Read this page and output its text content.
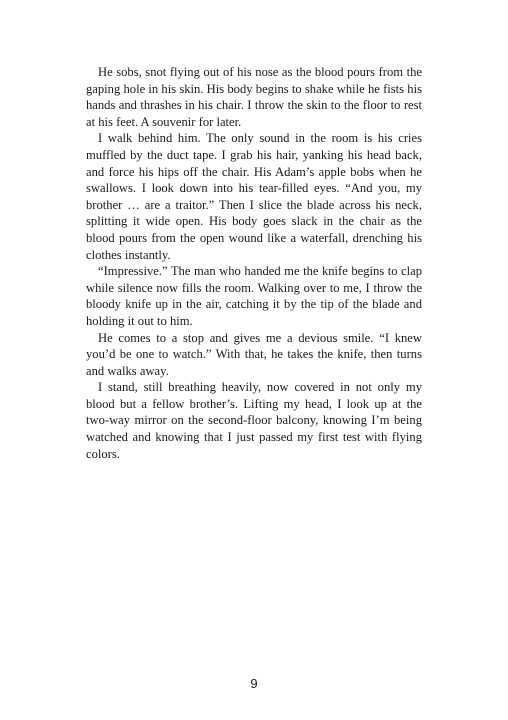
He sobs, snot flying out of his nose as the blood pours from the gaping hole in his skin. His body begins to shake while he fists his hands and thrashes in his chair. I throw the skin to the floor to rest at his feet. A souvenir for later.

I walk behind him. The only sound in the room is his cries muffled by the duct tape. I grab his hair, yanking his head back, and force his hips off the chair. His Adam’s apple bobs when he swallows. I look down into his tear-filled eyes. “And you, my brother … are a traitor.” Then I slice the blade across his neck, splitting it wide open. His body goes slack in the chair as the blood pours from the open wound like a waterfall, drenching his clothes instantly.

“Impressive.” The man who handed me the knife begins to clap while silence now fills the room. Walking over to me, I throw the bloody knife up in the air, catching it by the tip of the blade and holding it out to him.

He comes to a stop and gives me a devious smile. “I knew you’d be one to watch.” With that, he takes the knife, then turns and walks away.

I stand, still breathing heavily, now covered in not only my blood but a fellow brother’s. Lifting my head, I look up at the two-way mirror on the second-floor balcony, knowing I’m being watched and knowing that I just passed my first test with flying colors.

9
